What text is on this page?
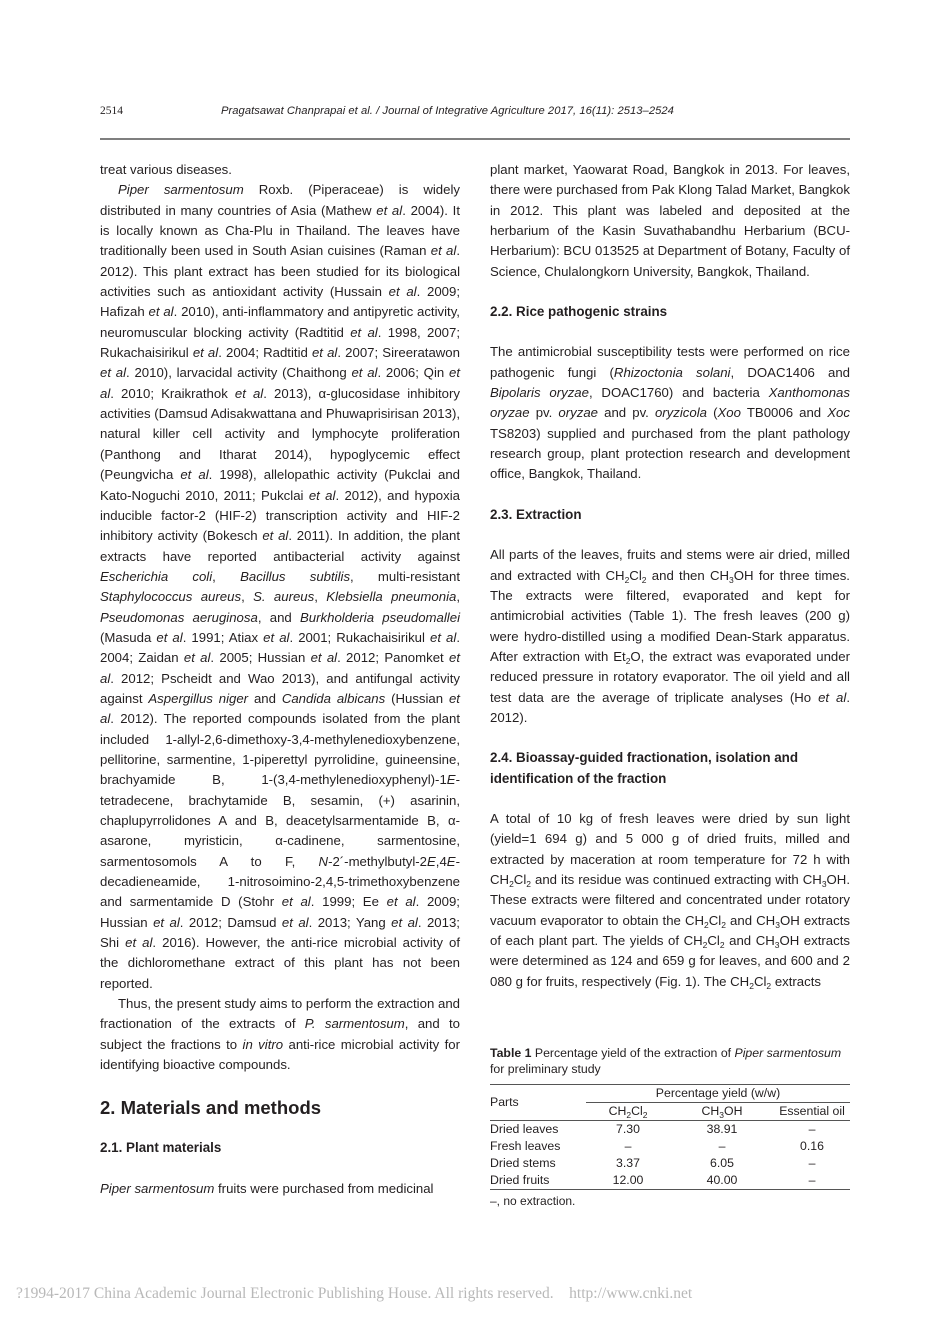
2514	Pragatsawat Chanprapai et al. / Journal of Integrative Agriculture 2017, 16(11): 2513–2524

treat various diseases.

Piper sarmentosum Roxb. (Piperaceae) is widely distributed in many countries of Asia (Mathew et al. 2004). It is locally known as Cha-Plu in Thailand. The leaves have traditionally been used in South Asian cuisines (Raman et al. 2012). This plant extract has been studied for its biological activities such as antioxidant activity (Hussain et al. 2009; Hafizah et al. 2010), anti-inflammatory and antipyretic activity, neuromuscular blocking activity (Radtitid et al. 1998, 2007; Rukachaisirikul et al. 2004; Radtitid et al. 2007; Sireeratawon et al. 2010), larvacidal activity (Chaithong et al. 2006; Qin et al. 2010; Kraikrathok et al. 2013), α-glucosidase inhibitory activities (Damsud Adisakwattana and Phuwaprisirisan 2013), natural killer cell activity and lymphocyte proliferation (Panthong and Itharat 2014), hypoglycemic effect (Peungvicha et al. 1998), allelopathic activity (Pukclai and Kato-Noguchi 2010, 2011; Pukclai et al. 2012), and hypoxia inducible factor-2 (HIF-2) transcription activity and HIF-2 inhibitory activity (Bokesch et al. 2011). In addition, the plant extracts have reported antibacterial activity against Escherichia coli, Bacillus subtilis, multi-resistant Staphylococcus aureus, S. aureus, Klebsiella pneumonia, Pseudomonas aeruginosa, and Burkholderia pseudomallei (Masuda et al. 1991; Atiax et al. 2001; Rukachaisirikul et al. 2004; Zaidan et al. 2005; Hussian et al. 2012; Panomket et al. 2012; Pscheidt and Wao 2013), and antifungal activity against Aspergillus niger and Candida albicans (Hussian et al. 2012). The reported compounds isolated from the plant included 1-allyl-2,6-dimethoxy-3,4-methylenedioxybenzene, pellitorine, sarmentine, 1-piperettyl pyrrolidine, guineensine, brachyamide B, 1-(3,4-methylenedioxyphenyl)-1E-tetradecene, brachytamide B, sesamin, (+) asarinin, chaplupyrrolidones A and B, deacetylsarmentamide B, α-asarone, myristicin, α-cadinene, sarmentosine, sarmentosomols A to F, N-2´-methylbutyl-2E,4E-decadieneamide, 1-nitrosoimino-2,4,5-trimethoxybenzene and sarmentamide D (Stohr et al. 1999; Ee et al. 2009; Hussian et al. 2012; Damsud et al. 2013; Yang et al. 2013; Shi et al. 2016). However, the anti-rice microbial activity of the dichloromethane extract of this plant has not been reported.

Thus, the present study aims to perform the extraction and fractionation of the extracts of P. sarmentosum, and to subject the fractions to in vitro anti-rice microbial activity for identifying bioactive compounds.

2. Materials and methods

2.1. Plant materials

Piper sarmentosum fruits were purchased from medicinal

plant market, Yaowarat Road, Bangkok in 2013. For leaves, there were purchased from Pak Klong Talad Market, Bangkok in 2012. This plant was labeled and deposited at the herbarium of the Kasin Suvathabandhu Herbarium (BCU-Herbarium): BCU 013525 at Department of Botany, Faculty of Science, Chulalongkorn University, Bangkok, Thailand.

2.2. Rice pathogenic strains

The antimicrobial susceptibility tests were performed on rice pathogenic fungi (Rhizoctonia solani, DOAC1406 and Bipolaris oryzae, DOAC1760) and bacteria Xanthomonas oryzae pv. oryzae and pv. oryzicola (Xoo TB0006 and Xoc TS8203) supplied and purchased from the plant pathology research group, plant protection research and development office, Bangkok, Thailand.

2.3. Extraction

All parts of the leaves, fruits and stems were air dried, milled and extracted with $CH_2Cl_2$ and then $CH_3OH$ for three times. The extracts were filtered, evaporated and kept for antimicrobial activities (Table 1). The fresh leaves (200 g) were hydro-distilled using a modified Dean-Stark apparatus. After extraction with $Et_2O$, the extract was evaporated under reduced pressure in rotatory evaporator. The oil yield and all test data are the average of triplicate analyses (Ho et al. 2012).

2.4. Bioassay-guided fractionation, isolation and identification of the fraction

A total of 10 kg of fresh leaves were dried by sun light (yield=1 694 g) and 5 000 g of dried fruits, milled and extracted by maceration at room temperature for 72 h with $CH_2Cl_2$ and its residue was continued extracting with $CH_3OH$. These extracts were filtered and concentrated under rotatory vacuum evaporator to obtain the $CH_2Cl_2$ and $CH_3OH$ extracts of each plant part. The yields of $CH_2Cl_2$ and $CH_3OH$ extracts were determined as 124 and 659 g for leaves, and 600 and 2 080 g for fruits, respectively (Fig. 1). The $CH_2Cl_2$ extracts

Table 1 Percentage yield of the extraction of Piper sarmentosum for preliminary study

Parts	Percentage yield (w/w)		
	$CH_2Cl_2$	$CH_3OH$	Essential oil
Dried leaves	7.30	38.91	–
Fresh leaves	–	–	0.16
Dried stems	3.37	6.05	–
Dried fruits	12.00	40.00	–
–, no extraction.
?1994-2017 China Academic Journal Electronic Publishing House. All rights reserved.    http://www.cnki.net
